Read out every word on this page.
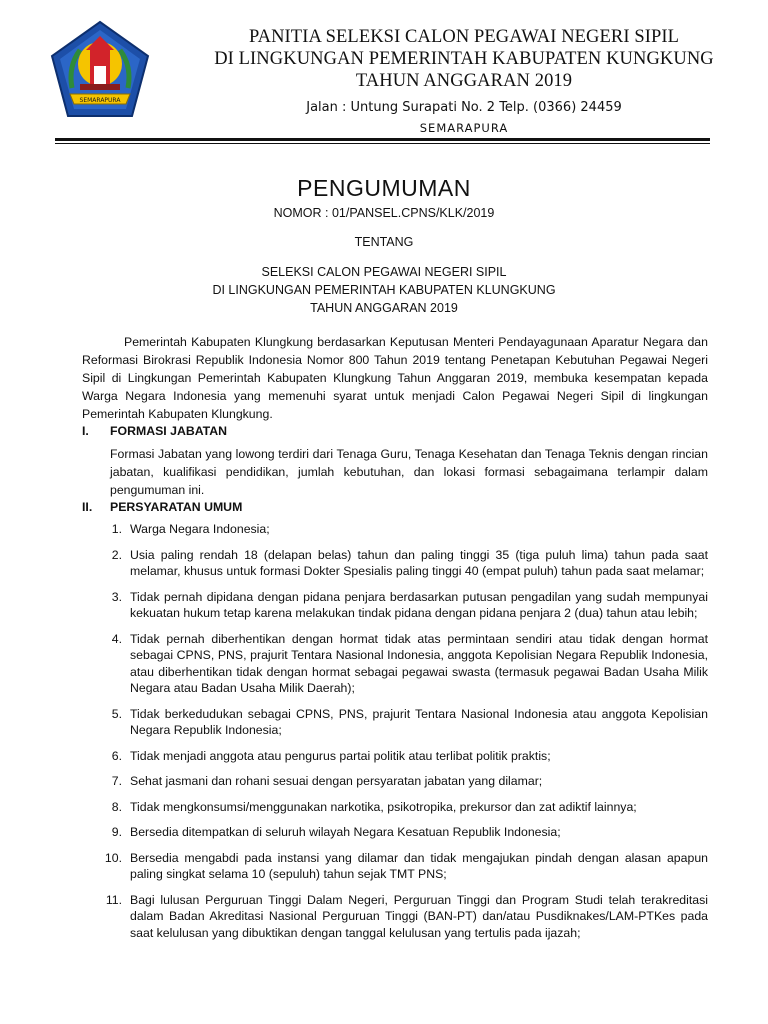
SEMARAPURA
PANITIA SELEKSI CALON PEGAWAI NEGERI SIPIL
DI LINGKUNGAN PEMERINTAH KABUPATEN KUNGKUNG
TAHUN ANGGARAN 2019
Jalan : Untung Surapati No. 2 Telp. (0366) 24459
SEMARAPURA
PENGUMUMAN
NOMOR : 01/PANSEL.CPNS/KLK/2019
TENTANG
SELEKSI CALON PEGAWAI NEGERI SIPIL
DI LINGKUNGAN PEMERINTAH KABUPATEN KLUNGKUNG
TAHUN ANGGARAN 2019
Pemerintah Kabupaten Klungkung berdasarkan Keputusan Menteri Pendayagunaan Aparatur Negara dan Reformasi Birokrasi Republik Indonesia Nomor 800 Tahun 2019 tentang Penetapan Kebutuhan Pegawai Negeri Sipil di Lingkungan Pemerintah Kabupaten Klungkung Tahun Anggaran 2019, membuka kesempatan kepada Warga Negara Indonesia yang memenuhi syarat untuk menjadi Calon Pegawai Negeri Sipil di lingkungan Pemerintah Kabupaten Klungkung.
I.	FORMASI JABATAN
Formasi Jabatan yang lowong terdiri dari Tenaga Guru, Tenaga Kesehatan dan Tenaga Teknis dengan rincian jabatan, kualifikasi pendidikan, jumlah kebutuhan, dan lokasi formasi sebagaimana terlampir dalam pengumuman ini.
II.	PERSYARATAN UMUM
1. Warga Negara Indonesia;
2. Usia paling rendah 18 (delapan belas) tahun dan paling tinggi 35 (tiga puluh lima) tahun pada saat melamar, khusus untuk formasi Dokter Spesialis paling tinggi 40 (empat puluh) tahun pada saat melamar;
3. Tidak pernah dipidana dengan pidana penjara berdasarkan putusan pengadilan yang sudah mempunyai kekuatan hukum tetap karena melakukan tindak pidana dengan pidana penjara 2 (dua) tahun atau lebih;
4. Tidak pernah diberhentikan dengan hormat tidak atas permintaan sendiri atau tidak dengan hormat sebagai CPNS, PNS, prajurit Tentara Nasional Indonesia, anggota Kepolisian Negara Republik Indonesia, atau diberhentikan tidak dengan hormat sebagai pegawai swasta (termasuk pegawai Badan Usaha Milik Negara atau Badan Usaha Milik Daerah);
5. Tidak berkedudukan sebagai CPNS, PNS, prajurit Tentara Nasional Indonesia atau anggota Kepolisian Negara Republik Indonesia;
6. Tidak menjadi anggota atau pengurus partai politik atau terlibat politik praktis;
7. Sehat jasmani dan rohani sesuai dengan persyaratan jabatan yang dilamar;
8. Tidak mengkonsumsi/menggunakan narkotika, psikotropika, prekursor dan zat adiktif lainnya;
9. Bersedia ditempatkan di seluruh wilayah Negara Kesatuan Republik Indonesia;
10. Bersedia mengabdi pada instansi yang dilamar dan tidak mengajukan pindah dengan alasan apapun paling singkat selama 10 (sepuluh) tahun sejak TMT PNS;
11. Bagi lulusan Perguruan Tinggi Dalam Negeri, Perguruan Tinggi dan Program Studi telah terakreditasi dalam Badan Akreditasi Nasional Perguruan Tinggi (BAN-PT) dan/atau Pusdiknakes/LAM-PTKes pada saat kelulusan yang dibuktikan dengan tanggal kelulusan yang tertulis pada ijazah;
